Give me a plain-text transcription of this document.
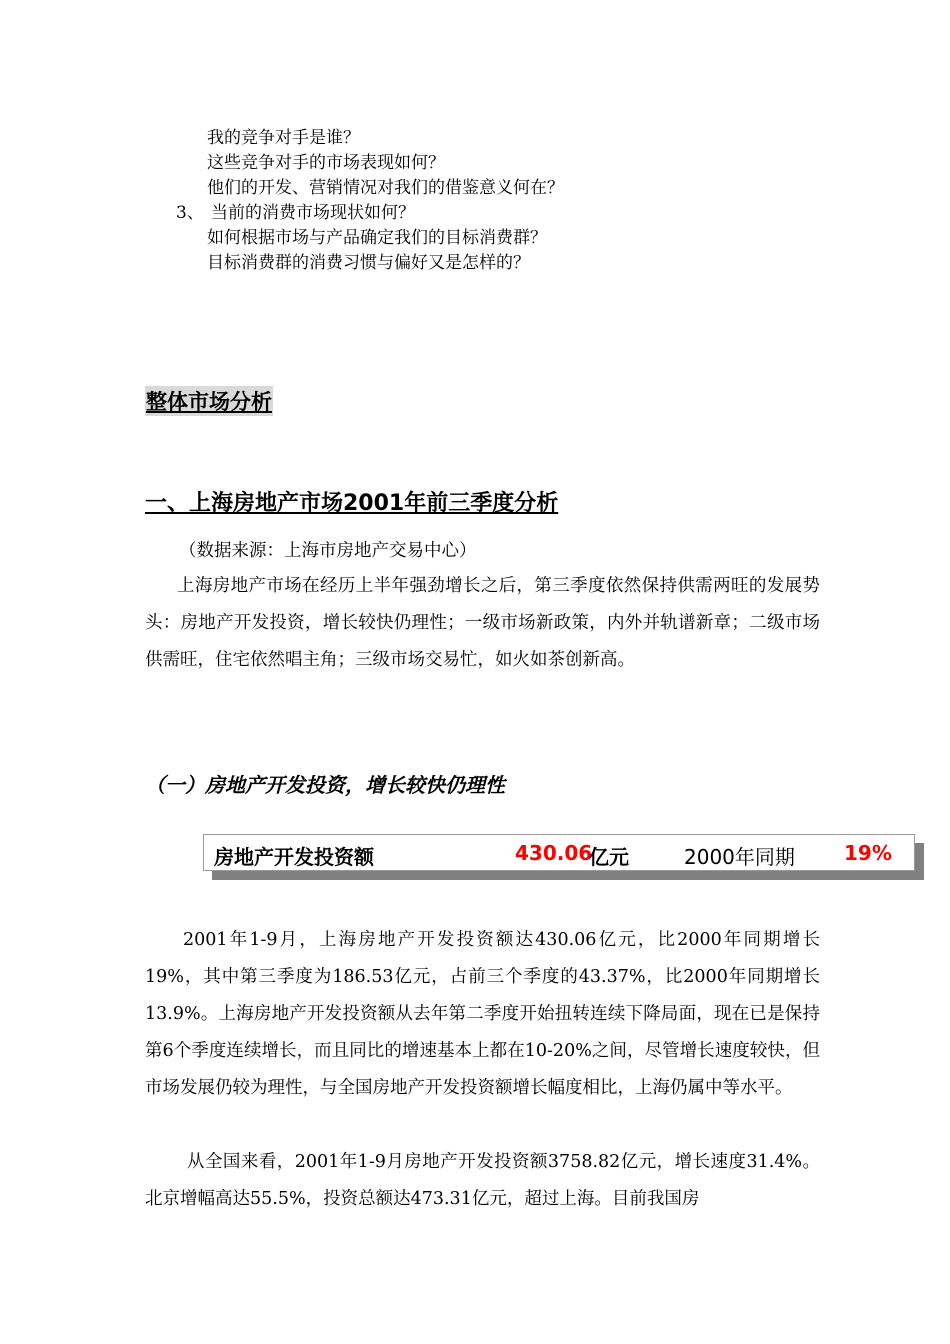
我的竞争对手是谁？
这些竞争对手的市场表现如何？
他们的开发、营销情况对我们的借鉴意义何在？
3、 当前的消费市场现状如何？
如何根据市场与产品确定我们的目标消费群？
目标消费群的消费习惯与偏好又是怎样的？
整体市场分析
一、上海房地产市场2001年前三季度分析
（数据来源：上海市房地产交易中心）
上海房地产市场在经历上半年强劲增长之后，第三季度依然保持供需两旺的发展势头：房地产开发投资，增长较快仍理性；一级市场新政策，内外并轨谱新章；二级市场供需旺，住宅依然唱主角；三级市场交易忙，如火如茶创新高。
（一）房地产开发投资，增长较快仍理性
房地产开发投资额	430.06
亿元	2000年同期 19%
2001年1-9月，上海房地产开发投资额达430.06亿元，比2000年同期增长19%，其中第三季度为186.53亿元，占前三个季度的43.37%，比2000年同期增长13.9%。上海房地产开发投资额从去年第二季度开始扭转连续下降局面，现在已是保持第6个季度连续增长，而且同比的增速基本上都在10-20%之间，尽管增长速度较快，但市场发展仍较为理性，与全国房地产开发投资额增长幅度相比，上海仍属中等水平。
从全国来看，2001年1-9月房地产开发投资额3758.82亿元，增长速度31.4%。北京增幅高达55.5%，投资总额达473.31亿元，超过上海。目前我国房
